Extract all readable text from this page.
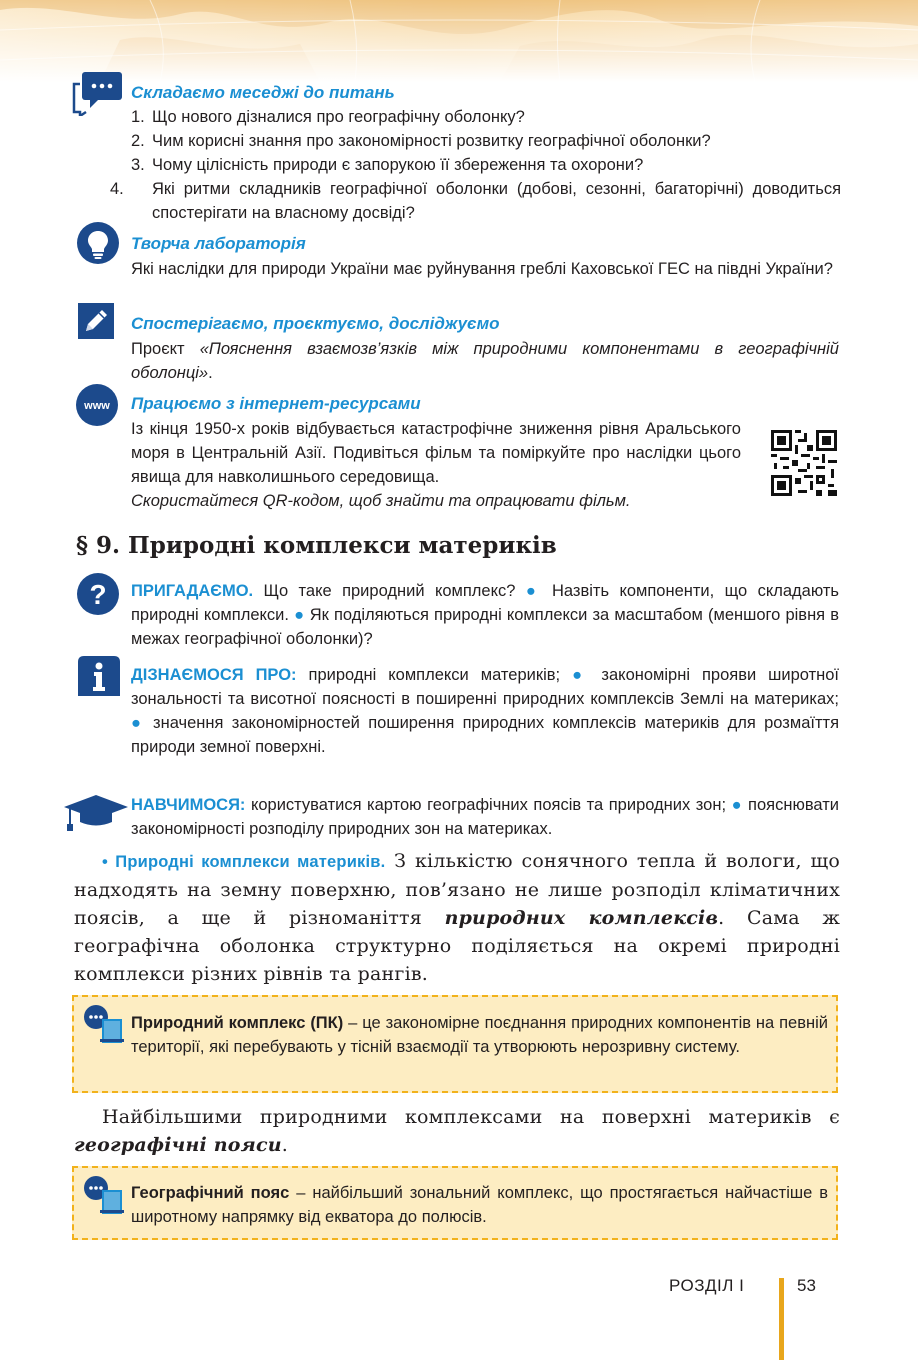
Складаємо меседжі до питань
1. Що нового дізналися про географічну оболонку?
2. Чим корисні знання про закономірності розвитку географічної оболонки?
3. Чому цілісність природи є запорукою її збереження та охорони?
4. Які ритми складників географічної оболонки (добові, сезонні, багаторічні) доводиться спостерігати на власному досвіді?
Творча лабораторія
Які наслідки для природи України має руйнування греблі Каховської ГЕС на півдні України?
Спостерігаємо, проєктуємо, досліджуємо
Проєкт «Пояснення взаємозв’язків між природними компонентами в географічній оболонці».
www Працюємо з інтернет-ресурсами
Із кінця 1950-х років відбувається катастрофічне зниження рівня Аральського моря в Центральній Азії. Подивіться фільм та поміркуйте про наслідки цього явища для навколишнього середовища.
Скористайтеся QR-кодом, щоб знайти та опрацювати фільм.
§ 9. Природні комплекси материків
? ПРИГАДАЄМО. Що таке природний комплекс? ● Назвіть компоненти, що складають природні комплекси. ● Як поділяються природні комплекси за масштабом (меншого рівня в межах географічної оболонки)?
ДІЗНАЄМОСЯ ПРО: природні комплекси материків; ● закономірні прояви широтної зональності та висотної поясності в поширенні природних комплексів Землі на материках; ● значення закономірностей поширення природних комплексів материків для розмаїття природи земної поверхні.
НАВЧИМОСЯ: користуватися картою географічних поясів та природних зон; ● пояснювати закономірності розподілу природних зон на материках.
• Природні комплекси материків. З кількістю сонячного тепла й вологи, що надходять на земну поверхню, пов’язано не лише розподіл кліматичних поясів, а ще й різноманіття природних комплексів. Сама ж географічна оболонка структурно поділяється на окремі природні комплекси різних рівнів та рангів.
Природний комплекс (ПК) – це закономірне поєднання природних компонентів на певній території, які перебувають у тісній взаємодії та утворюють нерозривну систему.
Найбільшими природними комплексами на поверхні материків є географічні пояси.
Географічний пояс – найбільший зональний комплекс, що простягається найчастіше в широтному напрямку від екватора до полюсів.
РОЗДІЛ I	53
